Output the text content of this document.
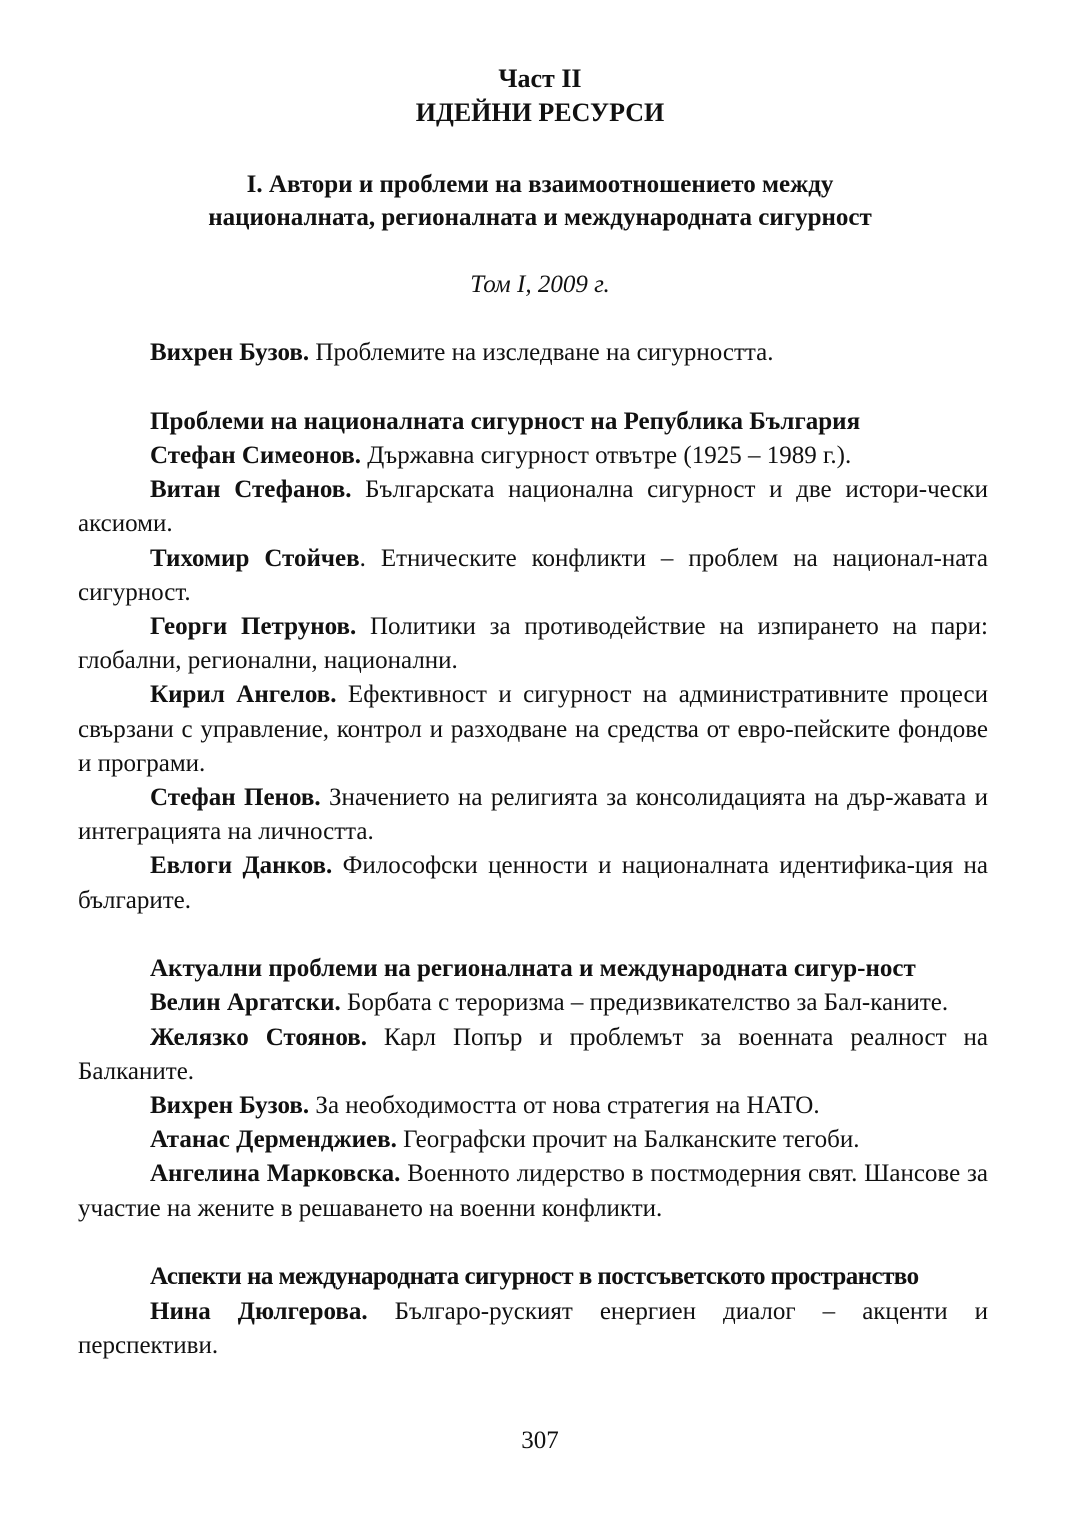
Част II
ИДЕЙНИ РЕСУРСИ
I. Автори и проблеми на взаимоотношението между
националната, регионалната и международната сигурност
Том I, 2009 г.

Вихрен Бузов. Проблемите на изследване на сигурността.

Проблеми на националната сигурност на Република България

Стефан Симеонов. Държавна сигурност отвътре (1925 – 1989 г.).

Витан Стефанов. Българската национална сигурност и две истори-чески аксиоми.

Тихомир Стойчев. Етническите конфликти – проблем на национал-ната сигурност.

Георги Петрунов. Политики за противодействие на изпирането на пари: глобални, регионални, национални.

Кирил Ангелов. Ефективност и сигурност на административните процеси свързани с управление, контрол и разходване на средства от евро-пейските фондове и програми.

Стефан Пенов. Значението на религията за консолидацията на дър-жавата и интеграцията на личността.

Евлоги Данков. Философски ценности и националната идентифика-ция на българите.

Актуални проблеми на регионалната и международната сигур-ност

Велин Аргатски. Борбата с тероризма – предизвикателство за Бал-каните.

Желязко Стоянов. Карл Попър и проблемът за военната реалност на Балканите.

Вихрен Бузов. За необходимостта от нова стратегия на НАТО.

Атанас Дерменджиев. Географски прочит на Балканските тегоби.

Ангелина Марковска. Военното лидерство в постмодерния свят. Шансове за участие на жените в решаването на военни конфликти.

Аспекти на международната сигурност в постсъветското пространство

Нина Дюлгерова. Българо-руският енергиен диалог – акценти и перспективи.

307
